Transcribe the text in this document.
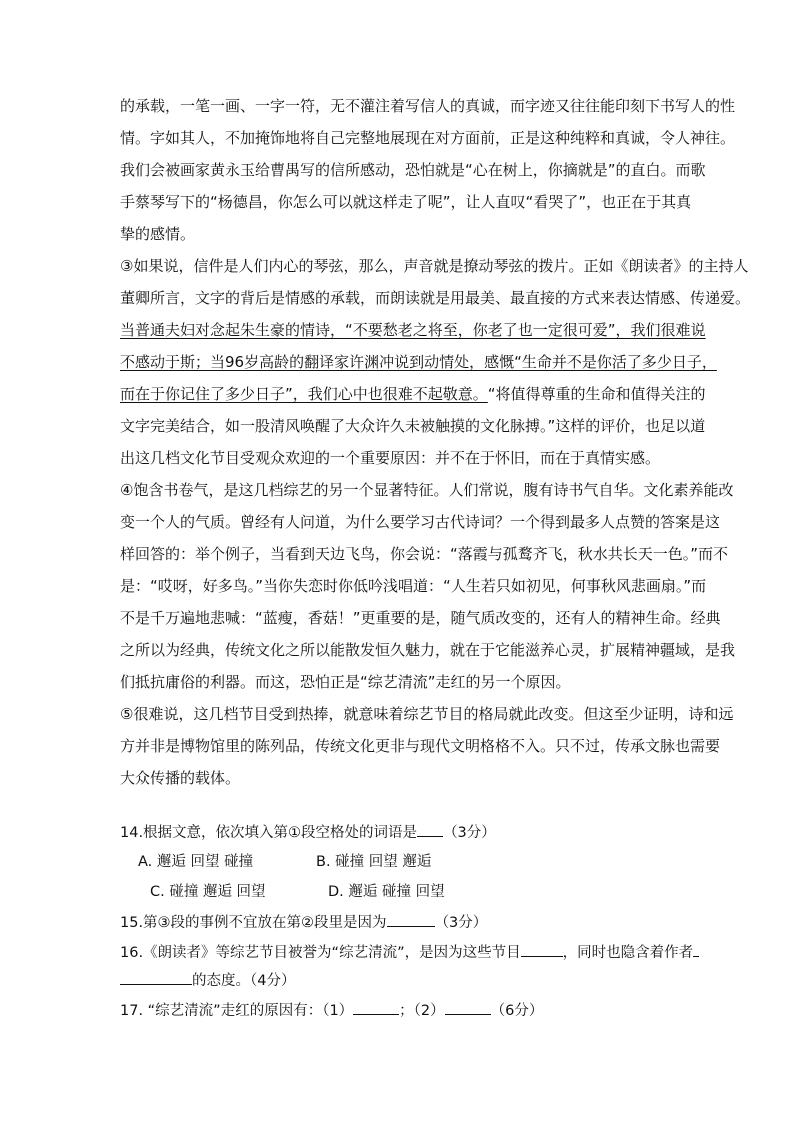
的承载，一笔一画、一字一符，无不灌注着写信人的真诚，而字迹又往往能印刻下书写人的性
情。字如其人，不加掩饰地将自己完整地展现在对方面前，正是这种纯粹和真诚，令人神往。
我们会被画家黄永玉给曹禺写的信所感动，恐怕就是“心在树上，你摘就是”的直白。而歌
手蔡琴写下的“杨德昌，你怎么可以就这样走了呢”，让人直叹“看哭了”，也正在于其真
挚的感情。
③如果说，信件是人们内心的琴弦，那么，声音就是撩动琴弦的拨片。正如《朗读者》的主持人
董卿所言，文字的背后是情感的承载，而朗读就是用最美、最直接的方式来表达情感、传递爱。
当普通夫妇对念起朱生豪的情诗，“不要愁老之将至，你老了也一定很可爱”，我们很难说
不感动于斯；当96岁高龄的翻译家许渊冲说到动情处，感慨“生命并不是你活了多少日子，
而在于你记住了多少日子”，我们心中也很难不起敬意。“将值得尊重的生命和值得关注的
文字完美结合，如一股清风唤醒了大众许久未被触摸的文化脉搏。”这样的评价，也足以道
出这几档文化节目受观众欢迎的一个重要原因：并不在于怀旧，而在于真情实感。
④饱含书卷气，是这几档综艺的另一个显著特征。人们常说，腹有诗书气自华。文化素养能改
变一个人的气质。曾经有人问道，为什么要学习古代诗词？一个得到最多人点赞的答案是这
样回答的：举个例子，当看到天边飞鸟，你会说：“落霞与孤鹜齐飞，秋水共长天一色。”而不
是：“哎呀，好多鸟。”当你失恋时你低吟浅唱道：“人生若只如初见，何事秋风悲画扇。”而
不是千万遍地悲喊：“蓝瘦，香菇！”更重要的是，随气质改变的，还有人的精神生命。经典
之所以为经典，传统文化之所以能散发恒久魅力，就在于它能滋养心灵，扩展精神疆域，是我
们抵抗庸俗的利器。而这，恐怕正是“综艺清流”走红的另一个原因。
⑤很难说，这几档节目受到热捧，就意味着综艺节目的格局就此改变。但这至少证明，诗和远
方并非是博物馆里的陈列品，传统文化更非与现代文明格格不入。只不过，传承文脉也需要
大众传播的载体。
14.根据文意，依次填入第①段空格处的词语是 （3分）
A. 邂逅 回望 碰撞	B. 碰撞 回望 邂逅
C. 碰撞 邂逅 回望	D. 邂逅 碰撞 回望
15.第③段的事例不宜放在第②段里是因为	（3分）
16.《朗读者》等综艺节目被誉为“综艺清流”，是因为这些节目	，同时也隐含着作者
的态度。（4分）
17. “综艺清流”走红的原因有：（1）	；（2）	（6分）
